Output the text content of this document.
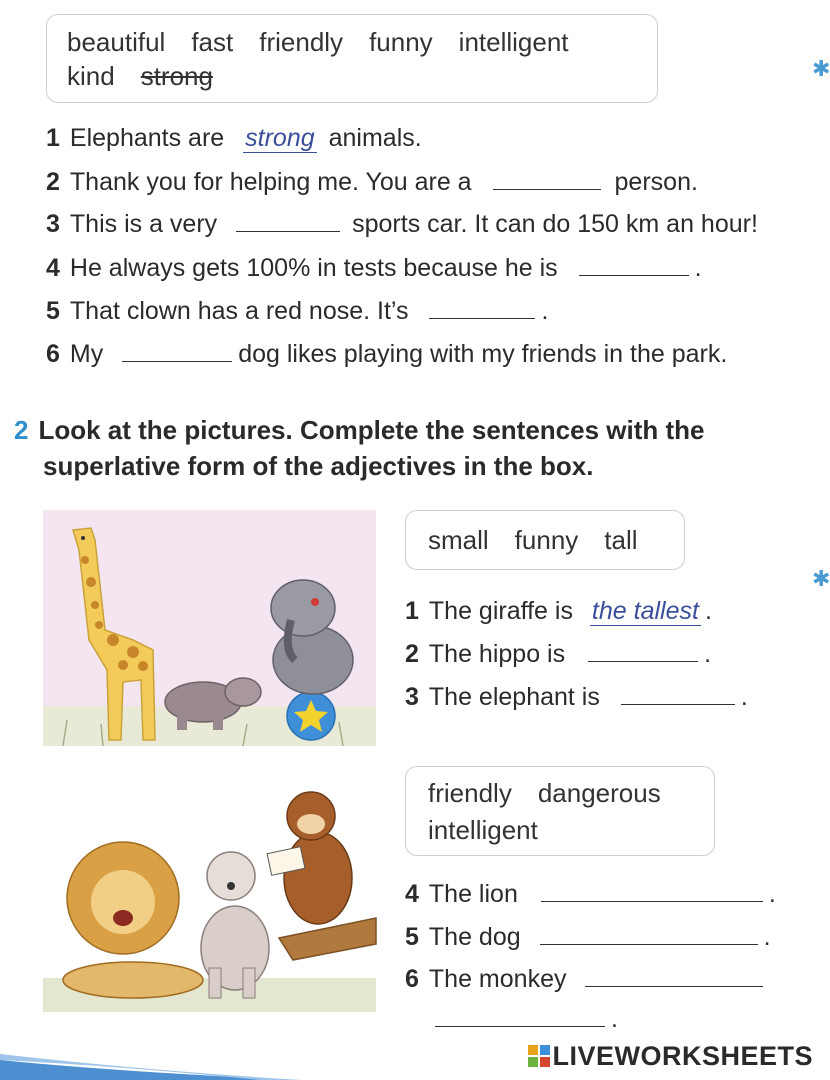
beautiful fast friendly funny intelligent
kind strong
1 Elephants are strong animals.
2 Thank you for helping me. You are a	person.
3 This is a very	sports car. It can do 150 km an hour!
4 He always gets 100% in tests because he is	.
5 That clown has a red nose. It’s	.
6 My	dog likes playing with my friends in the park.
2 Look at the pictures. Complete the sentences with the
superlative form of the adjectives in the box.
small funny tall
1 The giraffe is the tallest .
2 The hippo is	.
3 The elephant is	.
friendly dangerous
intelligent
4 The lion	.
5 The dog	.
6 The monkey
.
✱
✱
LIVEWORKSHEETS
